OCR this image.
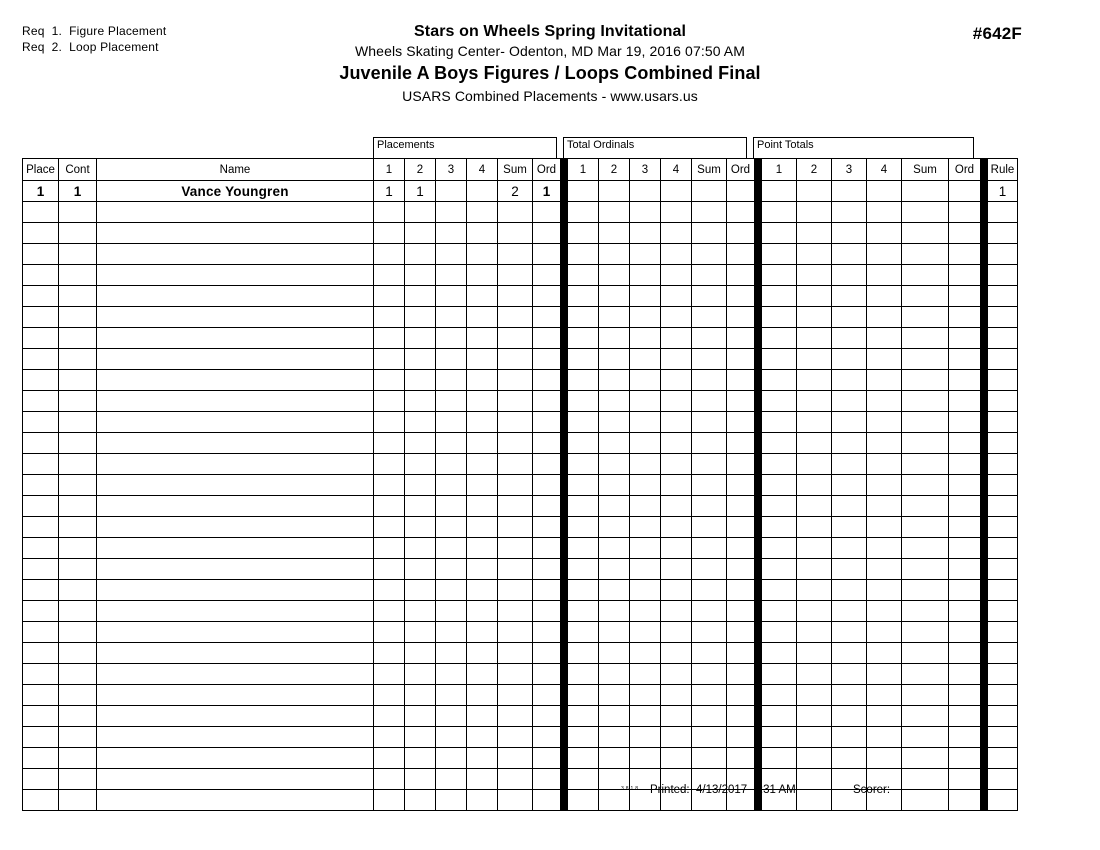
Req  1.  Figure Placement
Req  2.  Loop Placement
#642F
Stars on Wheels Spring Invitational
Wheels Skating Center- Odenton, MD Mar 19, 2016 07:50 AM
Juvenile A Boys Figures / Loops Combined Final
USARS Combined Placements - www.usars.us
Placements	Total Ordinals	Point Totals
Place	Cont	Name	1	2	3	4	Sum	Ord		1	2	3	4	Sum	Ord		1	2	3	4	Sum	Ord		Rule
1	1	Vance Youngren	1	1			2	1																1

3.8.1.8 Printed:  4/13/2017  6:31 AM	Scorer:
